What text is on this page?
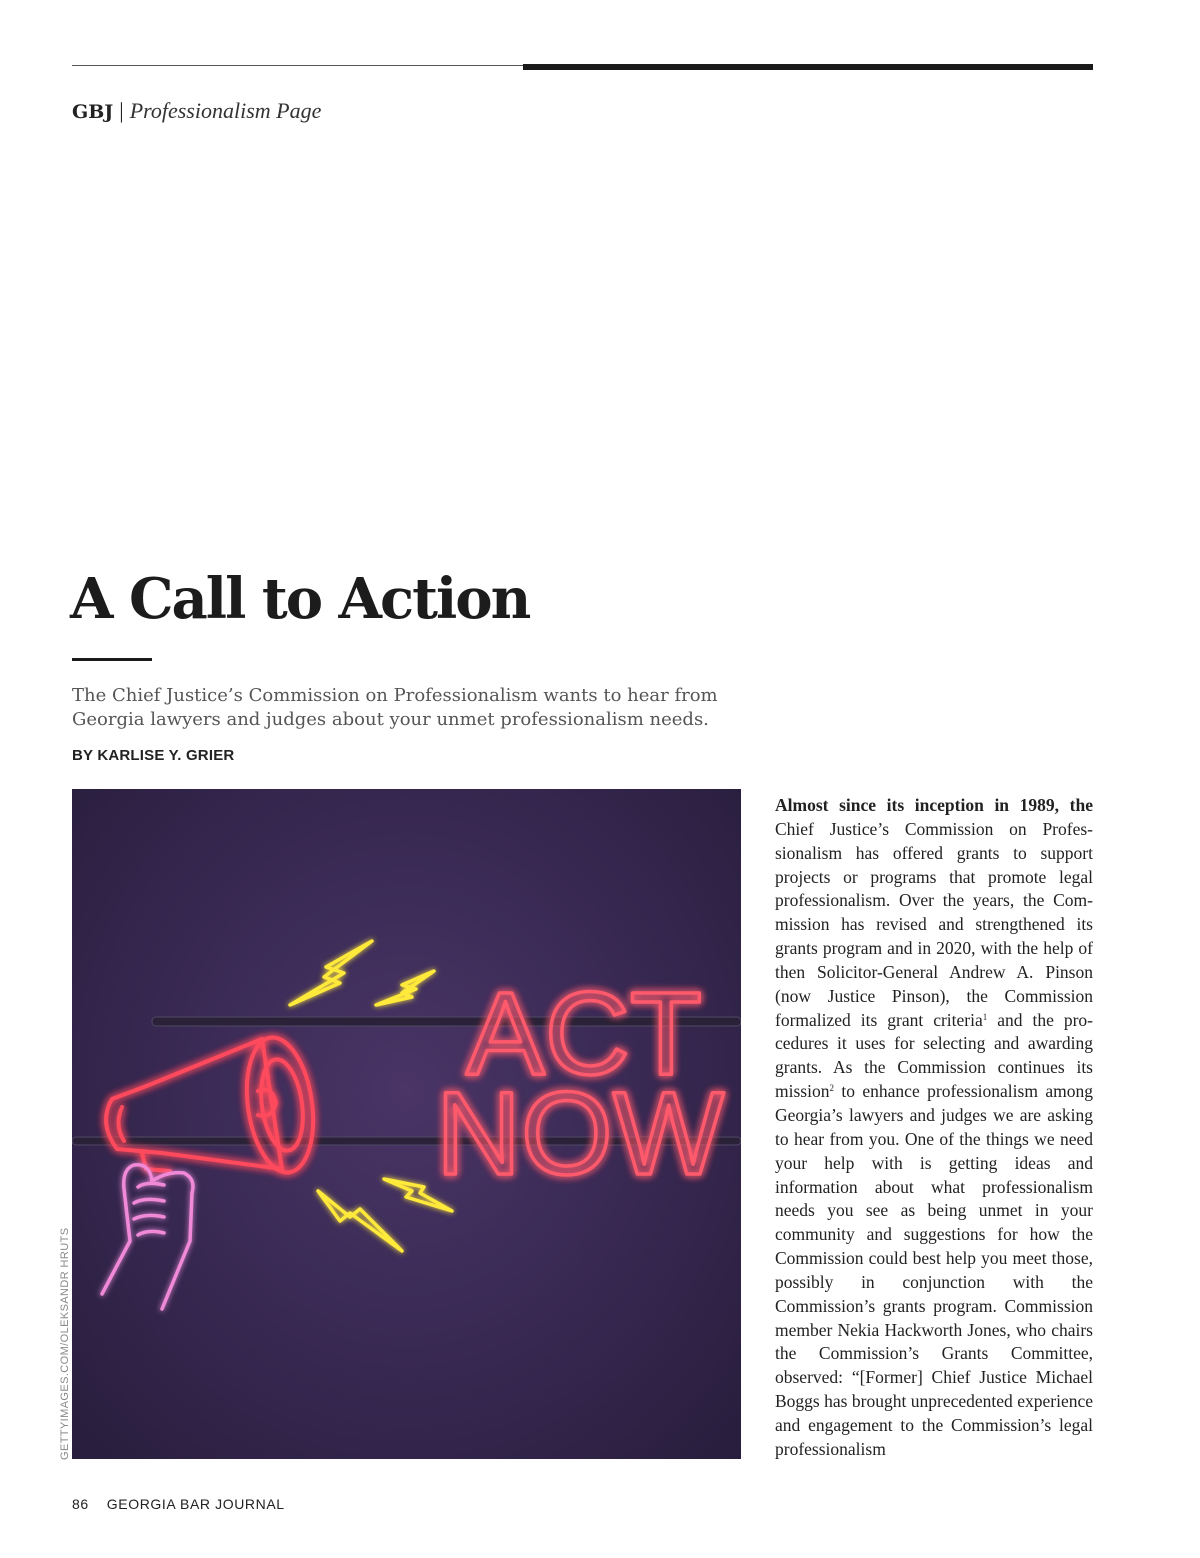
GBJ | Professionalism Page
A Call to Action
The Chief Justice’s Commission on Professionalism wants to hear from Georgia lawyers and judges about your unmet professionalism needs.
BY KARLISE Y. GRIER
ACT
NOW
GETTYIMAGES.COM/OLEKSANDR HRUTS

Almost since its inception in 1989, the Chief Justice’s Commission on Professionalism has offered grants to support projects or programs that promote legal professionalism. Over the years, the Commission has revised and strengthened its grants program and in 2020, with the help of then Solicitor-General Andrew A. Pinson (now Justice Pinson), the Commission formalized its grant criteria$^1$ and the procedures it uses for selecting and awarding grants. As the Commission continues its mission$^2$ to enhance professionalism among Georgia’s lawyers and judges we are asking to hear from you. One of the things we need your help with is getting ideas and information about what professionalism needs you see as being unmet in your community and suggestions for how the Commission could best help you meet those, possibly in conjunction with the Commission’s grants program. Commission member Nekia Hackworth Jones, who chairs the Commission’s Grants Committee, observed: “[Former] Chief Justice Michael Boggs has brought unprecedented experience and engagement to the Commission’s legal professionalism

86 GEORGIA BAR JOURNAL
